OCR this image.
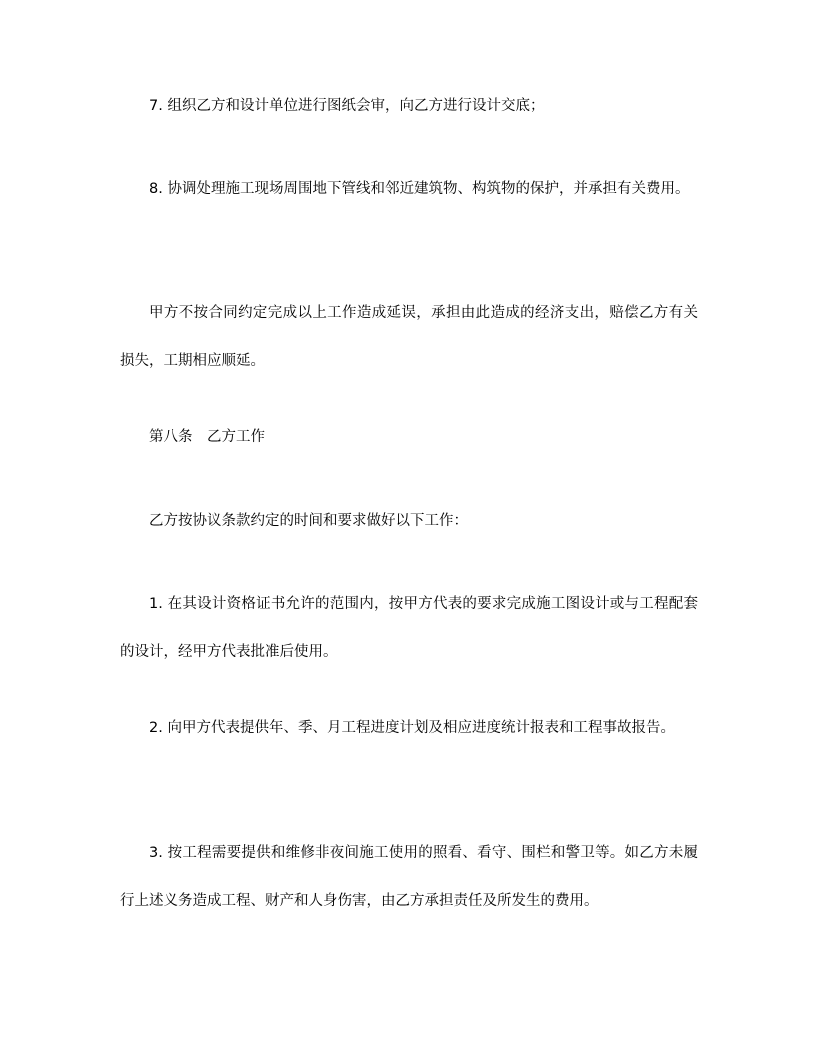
7. 组织乙方和设计单位进行图纸会审，向乙方进行设计交底；

8. 协调处理施工现场周围地下管线和邻近建筑物、构筑物的保护，并承担有关费用。

甲方不按合同约定完成以上工作造成延误，承担由此造成的经济支出，赔偿乙方有关损失，工期相应顺延。

第八条　乙方工作

乙方按协议条款约定的时间和要求做好以下工作：

1. 在其设计资格证书允许的范围内，按甲方代表的要求完成施工图设计或与工程配套的设计，经甲方代表批准后使用。

2. 向甲方代表提供年、季、月工程进度计划及相应进度统计报表和工程事故报告。

3. 按工程需要提供和维修非夜间施工使用的照看、看守、围栏和警卫等。如乙方未履行上述义务造成工程、财产和人身伤害，由乙方承担责任及所发生的费用。
